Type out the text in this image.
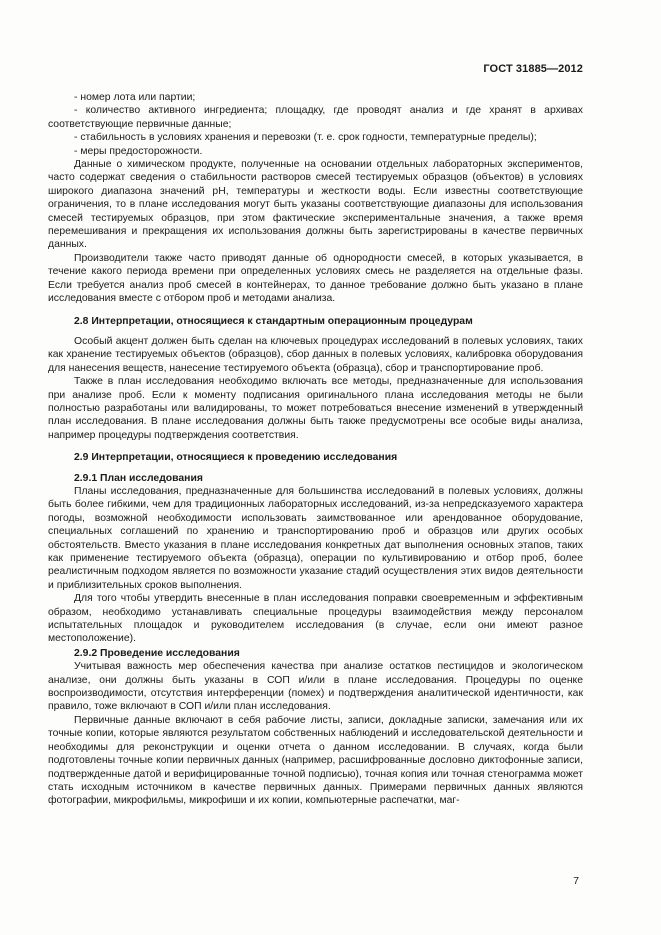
ГОСТ 31885—2012

- номер лота или партии;

- количество активного ингредиента; площадку, где проводят анализ и где хранят в архивах соответствующие первичные данные;

- стабильность в условиях хранения и перевозки (т. е. срок годности, температурные пределы);

- меры предосторожности.

Данные о химическом продукте, полученные на основании отдельных лабораторных экспериментов, часто содержат сведения о стабильности растворов смесей тестируемых образцов (объектов) в условиях широкого диапазона значений pH, температуры и жесткости воды. Если известны соответствующие ограничения, то в плане исследования могут быть указаны соответствующие диапазоны для использования смесей тестируемых образцов, при этом фактические экспериментальные значения, а также время перемешивания и прекращения их использования должны быть зарегистрированы в качестве первичных данных.

Производители также часто приводят данные об однородности смесей, в которых указывается, в течение какого периода времени при определенных условиях смесь не разделяется на отдельные фазы. Если требуется анализ проб смесей в контейнерах, то данное требование должно быть указано в плане исследования вместе с отбором проб и методами анализа.

2.8 Интерпретации, относящиеся к стандартным операционным процедурам

Особый акцент должен быть сделан на ключевых процедурах исследований в полевых условиях, таких как хранение тестируемых объектов (образцов), сбор данных в полевых условиях, калибровка оборудования для нанесения веществ, нанесение тестируемого объекта (образца), сбор и транспортирование проб.

Также в план исследования необходимо включать все методы, предназначенные для использования при анализе проб. Если к моменту подписания оригинального плана исследования методы не были полностью разработаны или валидированы, то может потребоваться внесение изменений в утвержденный план исследования. В плане исследования должны быть также предусмотрены все особые виды анализа, например процедуры подтверждения соответствия.

2.9 Интерпретации, относящиеся к проведению исследования

2.9.1 План исследования

Планы исследования, предназначенные для большинства исследований в полевых условиях, должны быть более гибкими, чем для традиционных лабораторных исследований, из-за непредсказуемого характера погоды, возможной необходимости использовать заимствованное или арендованное оборудование, специальных соглашений по хранению и транспортированию проб и образцов или других особых обстоятельств. Вместо указания в плане исследования конкретных дат выполнения основных этапов, таких как применение тестируемого объекта (образца), операции по культивированию и отбор проб, более реалистичным подходом является по возможности указание стадий осуществления этих видов деятельности и приблизительных сроков выполнения.

Для того чтобы утвердить внесенные в план исследования поправки своевременным и эффективным образом, необходимо устанавливать специальные процедуры взаимодействия между персоналом испытательных площадок и руководителем исследования (в случае, если они имеют разное местоположение).

2.9.2 Проведение исследования

Учитывая важность мер обеспечения качества при анализе остатков пестицидов и экологическом анализе, они должны быть указаны в СОП и/или в плане исследования. Процедуры по оценке воспроизводимости, отсутствия интерференции (помех) и подтверждения аналитической идентичности, как правило, тоже включают в СОП и/или план исследования.

Первичные данные включают в себя рабочие листы, записи, докладные записки, замечания или их точные копии, которые являются результатом собственных наблюдений и исследовательской деятельности и необходимы для реконструкции и оценки отчета о данном исследовании. В случаях, когда были подготовлены точные копии первичных данных (например, расшифрованные дословно диктофонные записи, подтвержденные датой и верифицированные точной подписью), точная копия или точная стенограмма может стать исходным источником в качестве первичных данных. Примерами первичных данных являются фотографии, микрофильмы, микрофиши и их копии, компьютерные распечатки, маг-

7
